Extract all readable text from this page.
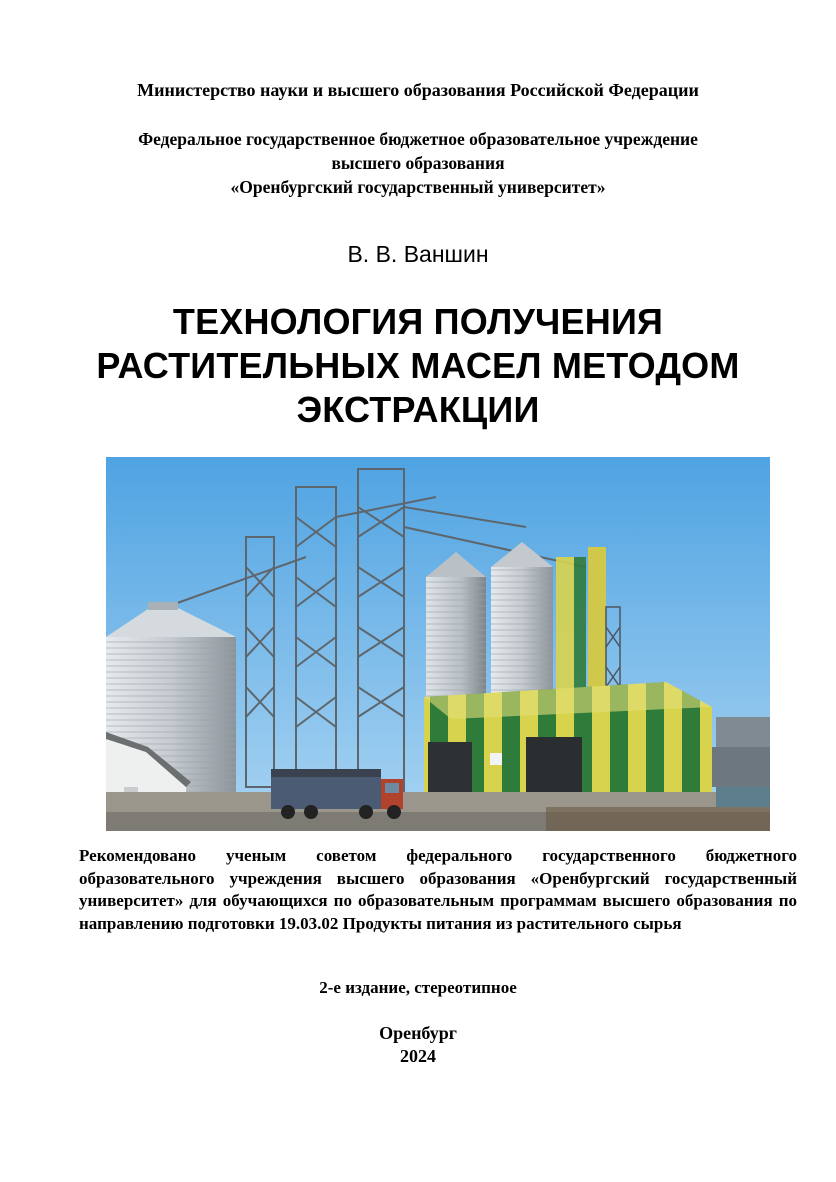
Министерство науки и высшего образования Российской Федерации
Федеральное государственное бюджетное образовательное учреждение
высшего образования
«Оренбургский государственный университет»
В. В. Ваншин
ТЕХНОЛОГИЯ ПОЛУЧЕНИЯ
РАСТИТЕЛЬНЫХ МАСЕЛ МЕТОДОМ
ЭКСТРАКЦИИ
Рекомендовано ученым советом федерального государственного бюджетного образовательного учреждения высшего образования «Оренбургский государственный университет» для обучающихся по образовательным программам высшего образования по направлению подготовки 19.03.02 Продукты питания из растительного сырья
2-е издание, стереотипное
Оренбург
2024
